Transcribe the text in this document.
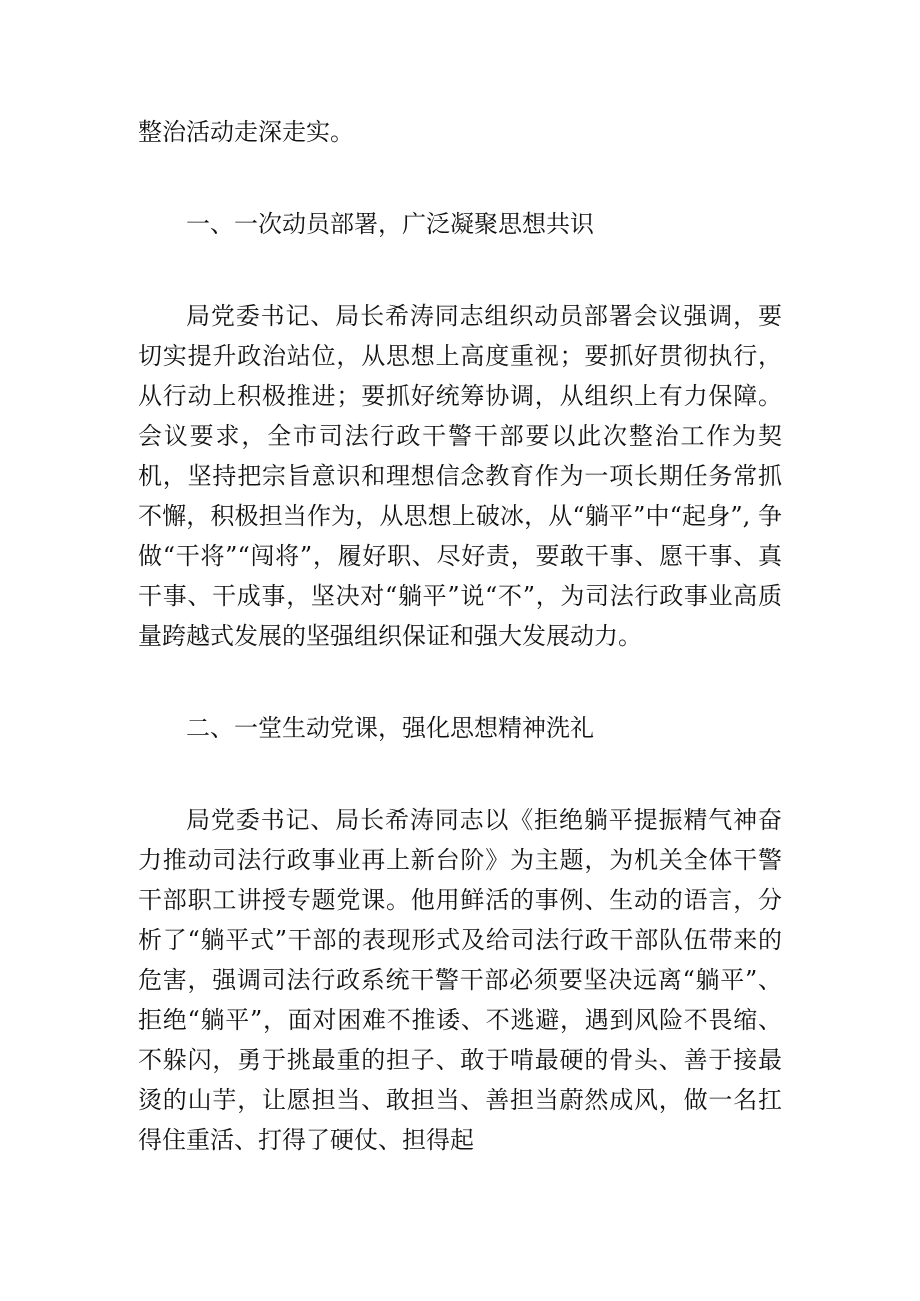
整治活动走深走实。

一、一次动员部署，广泛凝聚思想共识

局党委书记、局长希涛同志组织动员部署会议强调，要切实提升政治站位，从思想上高度重视；要抓好贯彻执行，从行动上积极推进；要抓好统筹协调，从组织上有力保障。会议要求，全市司法行政干警干部要以此次整治工作为契机，坚持把宗旨意识和理想信念教育作为一项长期任务常抓不懈，积极担当作为，从思想上破冰，从“躺平”中“起身”, 争做“干将”“闯将”，履好职、尽好责，要敢干事、愿干事、真干事、干成事，坚决对“躺平”说“不”，为司法行政事业高质量跨越式发展的坚强组织保证和强大发展动力。

二、一堂生动党课，强化思想精神洗礼

局党委书记、局长希涛同志以《拒绝躺平提振精气神奋力推动司法行政事业再上新台阶》为主题，为机关全体干警干部职工讲授专题党课。他用鲜活的事例、生动的语言，分析了“躺平式”干部的表现形式及给司法行政干部队伍带来的危害，强调司法行政系统干警干部必须要坚决远离“躺平”、拒绝“躺平”，面对困难不推诿、不逃避，遇到风险不畏缩、不躲闪，勇于挑最重的担子、敢于啃最硬的骨头、善于接最烫的山芋，让愿担当、敢担当、善担当蔚然成风，做一名扛得住重活、打得了硬仗、担得起
